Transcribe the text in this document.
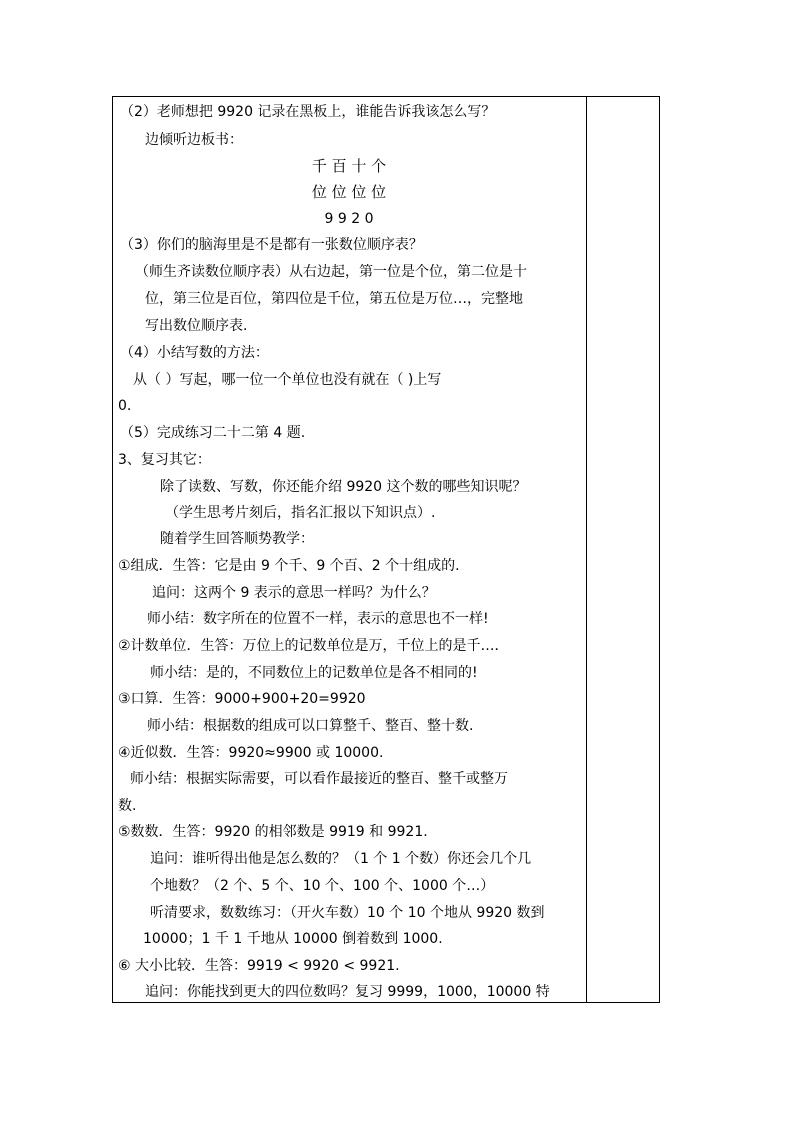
（2）老师想把 9920 记录在黑板上，谁能告诉我该怎么写？
边倾听边板书：
千 百 十 个
位 位 位 位
9 9 2 0
（3）你们的脑海里是不是都有一张数位顺序表？
（师生齐读数位顺序表）从右边起，第一位是个位，第二位是十
位，第三位是百位，第四位是千位，第五位是万位…，完整地
写出数位顺序表.
（4）小结写数的方法：
从（ ）写起，哪一位一个单位也没有就在（ )上写
0.
（5）完成练习二十二第 4 题.
3、复习其它：
除了读数、写数，你还能介绍 9920 这个数的哪些知识呢？
（学生思考片刻后，指名汇报以下知识点）.
随着学生回答顺势教学：
①组成．生答：它是由 9 个千、9 个百、2 个十组成的.
追问：这两个 9 表示的意思一样吗？为什么？
师小结：数字所在的位置不一样，表示的意思也不一样!
②计数单位．生答：万位上的记数单位是万，千位上的是千…．
师小结：是的，不同数位上的记数单位是各不相同的!
③口算．生答：9000+900+20=9920
师小结：根据数的组成可以口算整千、整百、整十数.
④近似数．生答：9920≈9900 或 10000.
师小结：根据实际需要，可以看作最接近的整百、整千或整万
数.
⑤数数．生答：9920 的相邻数是 9919 和 9921.
追问：谁听得出他是怎么数的？（1 个 1 个数）你还会几个几
个地数？（2 个、5 个、10 个、100 个、1000 个…）
听清要求，数数练习：（开火车数）10 个 10 个地从 9920 数到
10000；1 千 1 千地从 10000 倒着数到 1000.
⑥ 大小比较．生答：9919 < 9920 < 9921.
追问：你能找到更大的四位数吗？复习 9999，1000，10000 特
